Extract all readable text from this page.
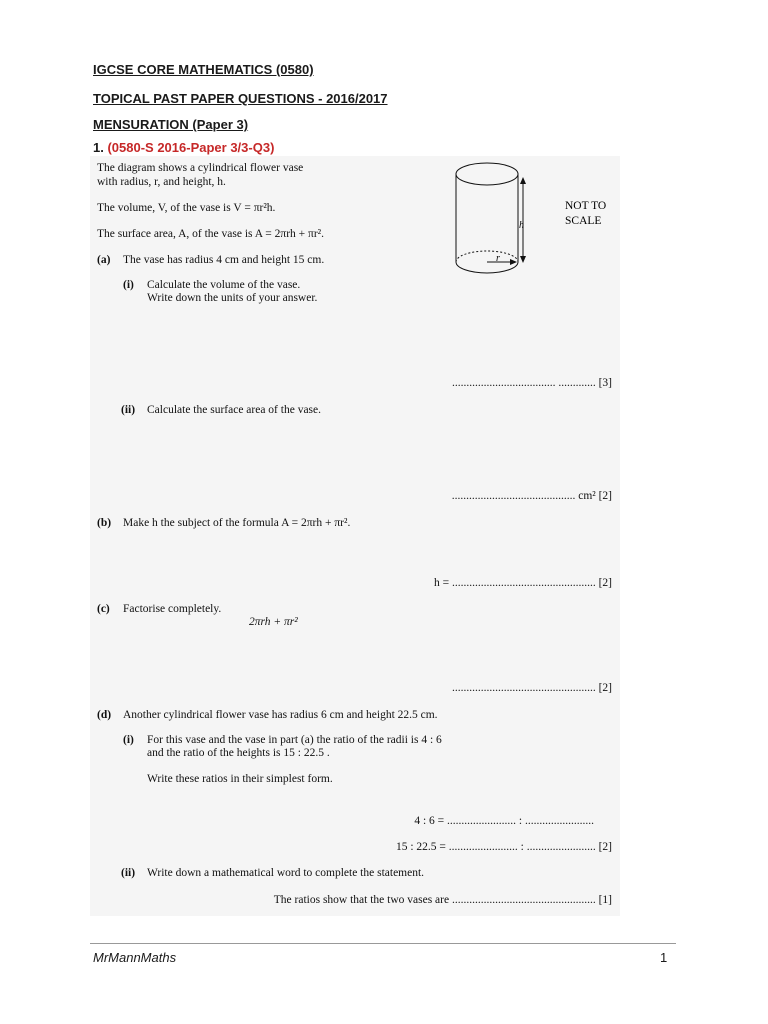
IGCSE CORE MATHEMATICS (0580)
TOPICAL PAST PAPER QUESTIONS - 2016/2017
MENSURATION (Paper 3)
1. (0580-S 2016-Paper 3/3-Q3)
The diagram shows a cylindrical flower vase
with radius, r, and height, h.
The volume, V, of the vase is V = πr²h.
The surface area, A, of the vase is A = 2πrh + πr².
h
r
NOT TO
SCALE
(a) The vase has radius 4 cm and height 15 cm.
(i) Calculate the volume of the vase.
Write down the units of your answer.
.................................... ............. [3]
(ii) Calculate the surface area of the vase.
........................................... cm² [2]
(b) Make h the subject of the formula A = 2πrh + πr².
h = .................................................. [2]
(c) Factorise completely.
2πrh + πr²
.................................................. [2]
(d) Another cylindrical flower vase has radius 6 cm and height 22.5 cm.
(i) For this vase and the vase in part (a) the ratio of the radii is 4 : 6
and the ratio of the heights is 15 : 22.5 .
Write these ratios in their simplest form.
4 : 6 = ........................ : ........................
15 : 22.5 = ........................ : ........................ [2]
(ii) Write down a mathematical word to complete the statement.
The ratios show that the two vases are .................................................. [1]
MrMannMaths	1
